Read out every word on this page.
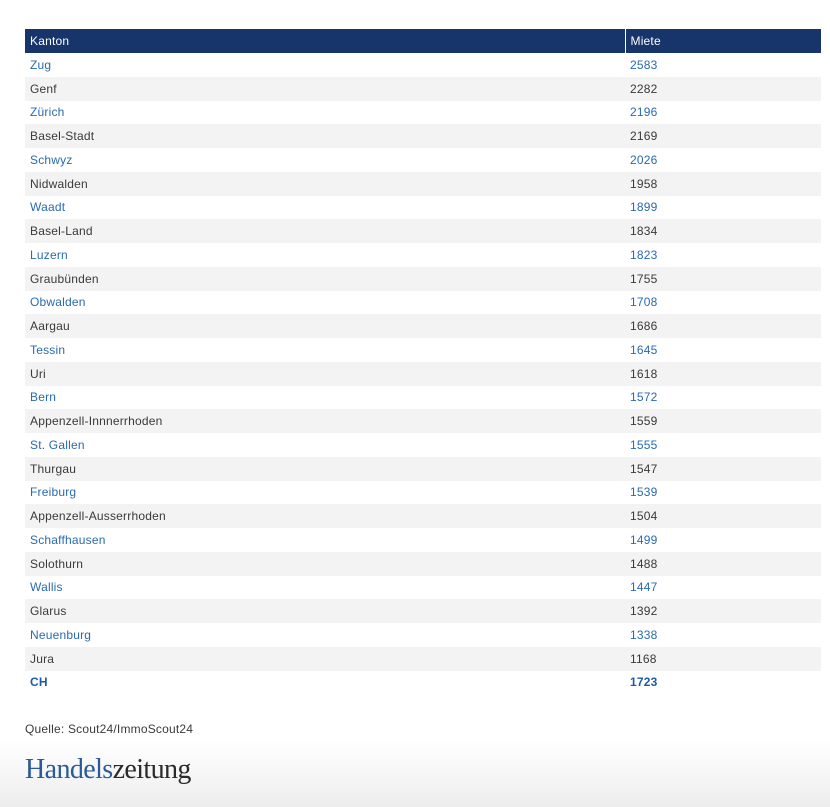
Kanton	Miete
Zug	2583
Genf	2282
Zürich	2196
Basel-Stadt	2169
Schwyz	2026
Nidwalden	1958
Waadt	1899
Basel-Land	1834
Luzern	1823
Graubünden	1755
Obwalden	1708
Aargau	1686
Tessin	1645
Uri	1618
Bern	1572
Appenzell-Innnerrhoden	1559
St. Gallen	1555
Thurgau	1547
Freiburg	1539
Appenzell-Ausserrhoden	1504
Schaffhausen	1499
Solothurn	1488
Wallis	1447
Glarus	1392
Neuenburg	1338
Jura	1168
CH	1723
Quelle: Scout24/ImmoScout24
Handelszeitung
